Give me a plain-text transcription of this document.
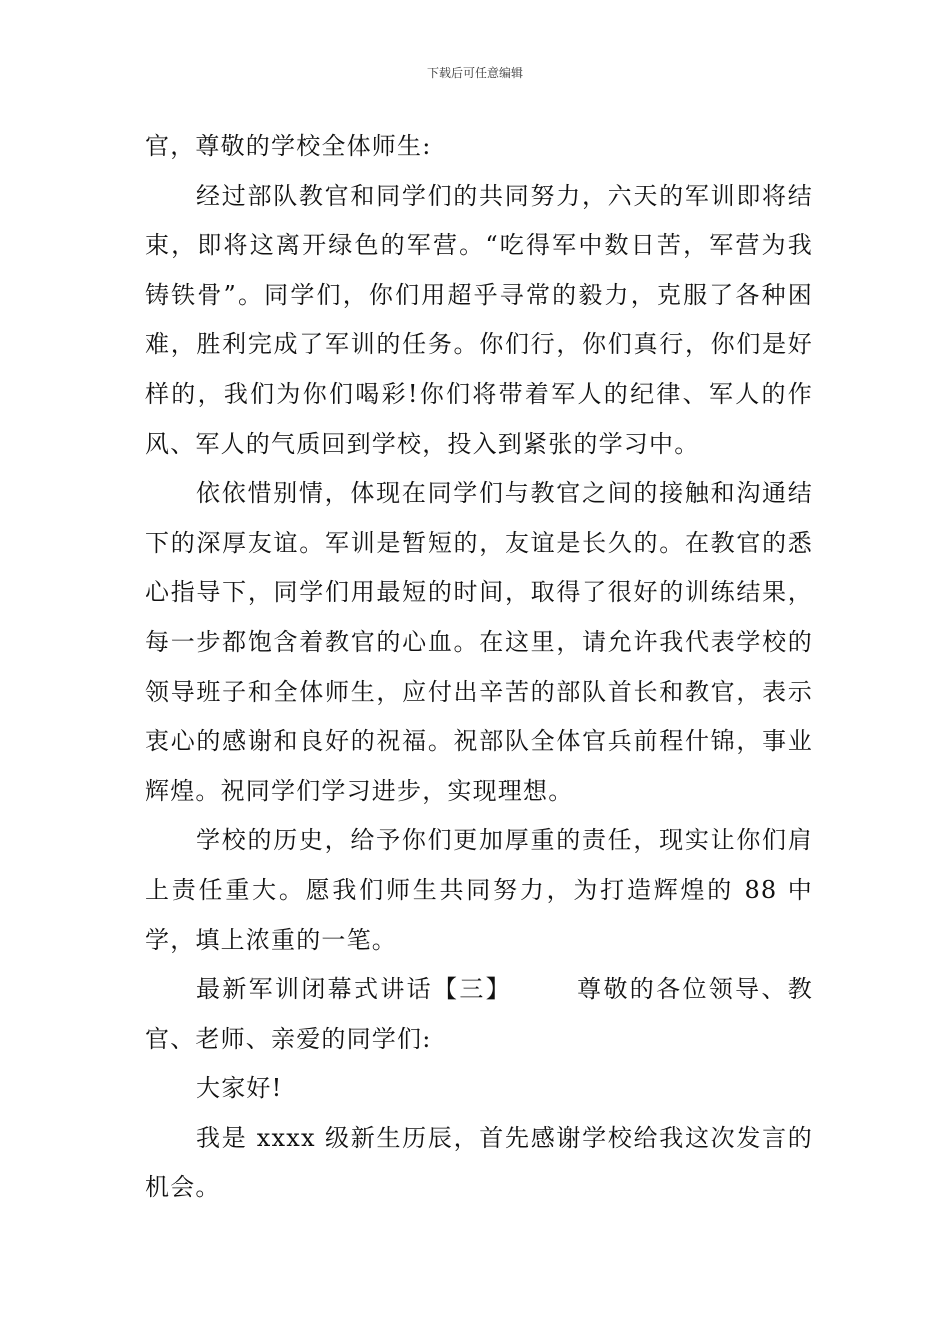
下载后可任意编辑

官，尊敬的学校全体师生:

经过部队教官和同学们的共同努力，六天的军训即将结束，即将这离开绿色的军营。“吃得军中数日苦，军营为我铸铁骨”。同学们，你们用超乎寻常的毅力，克服了各种困难，胜利完成了军训的任务。你们行，你们真行，你们是好样的，我们为你们喝彩!你们将带着军人的纪律、军人的作风、军人的气质回到学校，投入到紧张的学习中。

依依惜别情，体现在同学们与教官之间的接触和沟通结下的深厚友谊。军训是暂短的，友谊是长久的。在教官的悉心指导下，同学们用最短的时间，取得了很好的训练结果，每一步都饱含着教官的心血。在这里，请允许我代表学校的领导班子和全体师生，应付出辛苦的部队首长和教官，表示衷心的感谢和良好的祝福。祝部队全体官兵前程什锦，事业辉煌。祝同学们学习进步，实现理想。

学校的历史，给予你们更加厚重的责任，现实让你们肩上责任重大。愿我们师生共同努力，为打造辉煌的 88 中学，填上浓重的一笔。

最新军训闭幕式讲话【三】	尊敬的各位领导、教官、老师、亲爱的同学们:

大家好!

我是 xxxx 级新生历辰，首先感谢学校给我这次发言的机会。
